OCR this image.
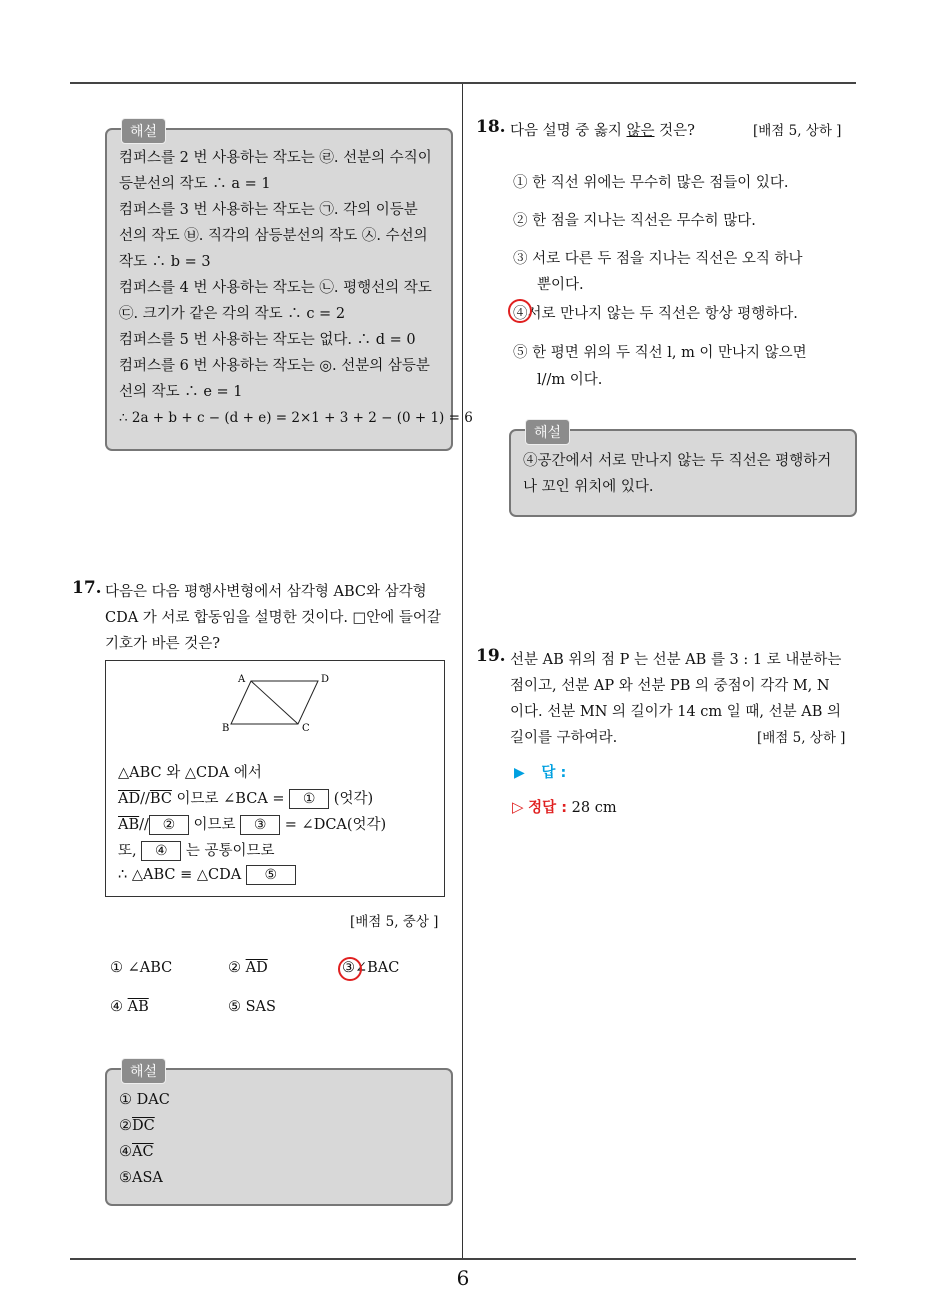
해설
컴퍼스를 2 번 사용하는 작도는 ㉣. 선분의 수직이
등분선의 작도 ∴ a = 1
컴퍼스를 3 번 사용하는 작도는 ㉠. 각의 이등분
선의 작도 ㉥. 직각의 삼등분선의 작도 ㉦. 수선의
작도 ∴ b = 3
컴퍼스를 4 번 사용하는 작도는 ㉡. 평행선의 작도
㉢. 크기가 같은 각의 작도 ∴ c = 2
컴퍼스를 5 번 사용하는 작도는 없다. ∴ d = 0
컴퍼스를 6 번 사용하는 작도는 ◎. 선분의 삼등분
선의 작도 ∴ e = 1
∴ 2a + b + c − (d + e) = 2×1 + 3 + 2 − (0 + 1) = 6
17. 다음은 다음 평행사변형에서 삼각형 ABC와 삼각형
CDA 가 서로 합동임을 설명한 것이다. □안에 들어갈
기호가 바른 것은?
A	D
B	C
△ABC 와 △CDA 에서
$\overline{AD}//\overline{BC}$ 이므로 ∠BCA = ① (엇각)
$\overline{AB}//$ ② 이므로 ③ = ∠DCA(엇각)
또, ④ 는 공통이므로
∴ △ABC ≡ △CDA ⑤
[배점 5, 중상 ]
① ∠ABC	② $\overline{AD}$	③∠BAC
④ $\overline{AB}$	⑤ SAS
해설
① DAC
$②\overline{DC}$
$④\overline{AC}$
⑤ASA
18. 다음 설명 중 옳지 않은 것은?	[배점 5, 상하 ]
① 한 직선 위에는 무수히 많은 점들이 있다.
② 한 점을 지나는 직선은 무수히 많다.
③ 서로 다른 두 점을 지나는 직선은 오직 하나
뿐이다.
④서로 만나지 않는 두 직선은 항상 평행하다.
⑤ 한 평면 위의 두 직선 l, m 이 만나지 않으면
l//m 이다.
해설
④공간에서 서로 만나지 않는 두 직선은 평행하거
나 꼬인 위치에 있다.
19. 선분 AB 위의 점 P 는 선분 AB 를 3 : 1 로 내분하는
점이고, 선분 AP 와 선분 PB 의 중점이 각각 M, N
이다. 선분 MN 의 길이가 14 cm 일 때, 선분 AB 의
길이를 구하여라.	[배점 5, 상하 ]
▶ 답 :
▷ 정답 : 28 cm
6
